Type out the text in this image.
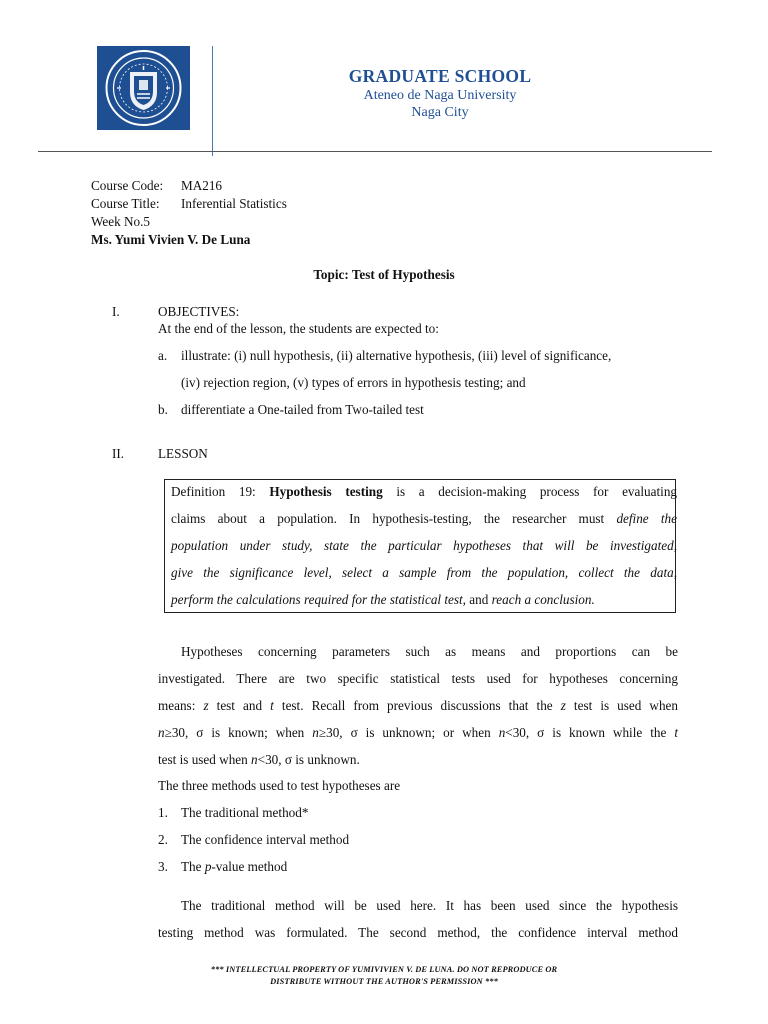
GRADUATE SCHOOL
Ateneo de Naga University
Naga City
Course Code: MA216
Course Title: Inferential Statistics
Week No.5
Ms. Yumi Vivien V. De Luna
Topic: Test of Hypothesis
I.	OBJECTIVES:
At the end of the lesson, the students are expected to:
a. illustrate: (i) null hypothesis, (ii) alternative hypothesis, (iii) level of significance,
(iv) rejection region, (v) types of errors in hypothesis testing; and
b. differentiate a One-tailed from Two-tailed test
II.	LESSON
Definition 19: Hypothesis testing is a decision-making process for evaluating
claims about a population. In hypothesis-testing, the researcher must define the
population under study, state the particular hypotheses that will be investigated,
give the significance level, select a sample from the population, collect the data,
perform the calculations required for the statistical test, and reach a conclusion.
Hypotheses concerning parameters such as means and proportions can be
investigated. There are two specific statistical tests used for hypotheses concerning
means: z test and t test. Recall from previous discussions that the z test is used when
n≥30, σ is known; when n≥30, σ is unknown; or when n<30, σ is known while the t
test is used when n<30, σ is unknown.
The three methods used to test hypotheses are
1. The traditional method*
2. The confidence interval method
3. The p-value method
The traditional method will be used here. It has been used since the hypothesis
testing method was formulated. The second method, the confidence interval method
*** INTELLECTUAL PROPERTY OF YUMIVIVIEN V. DE LUNA. DO NOT REPRODUCE OR
DISTRIBUTE WITHOUT THE AUTHOR'S PERMISSION ***
